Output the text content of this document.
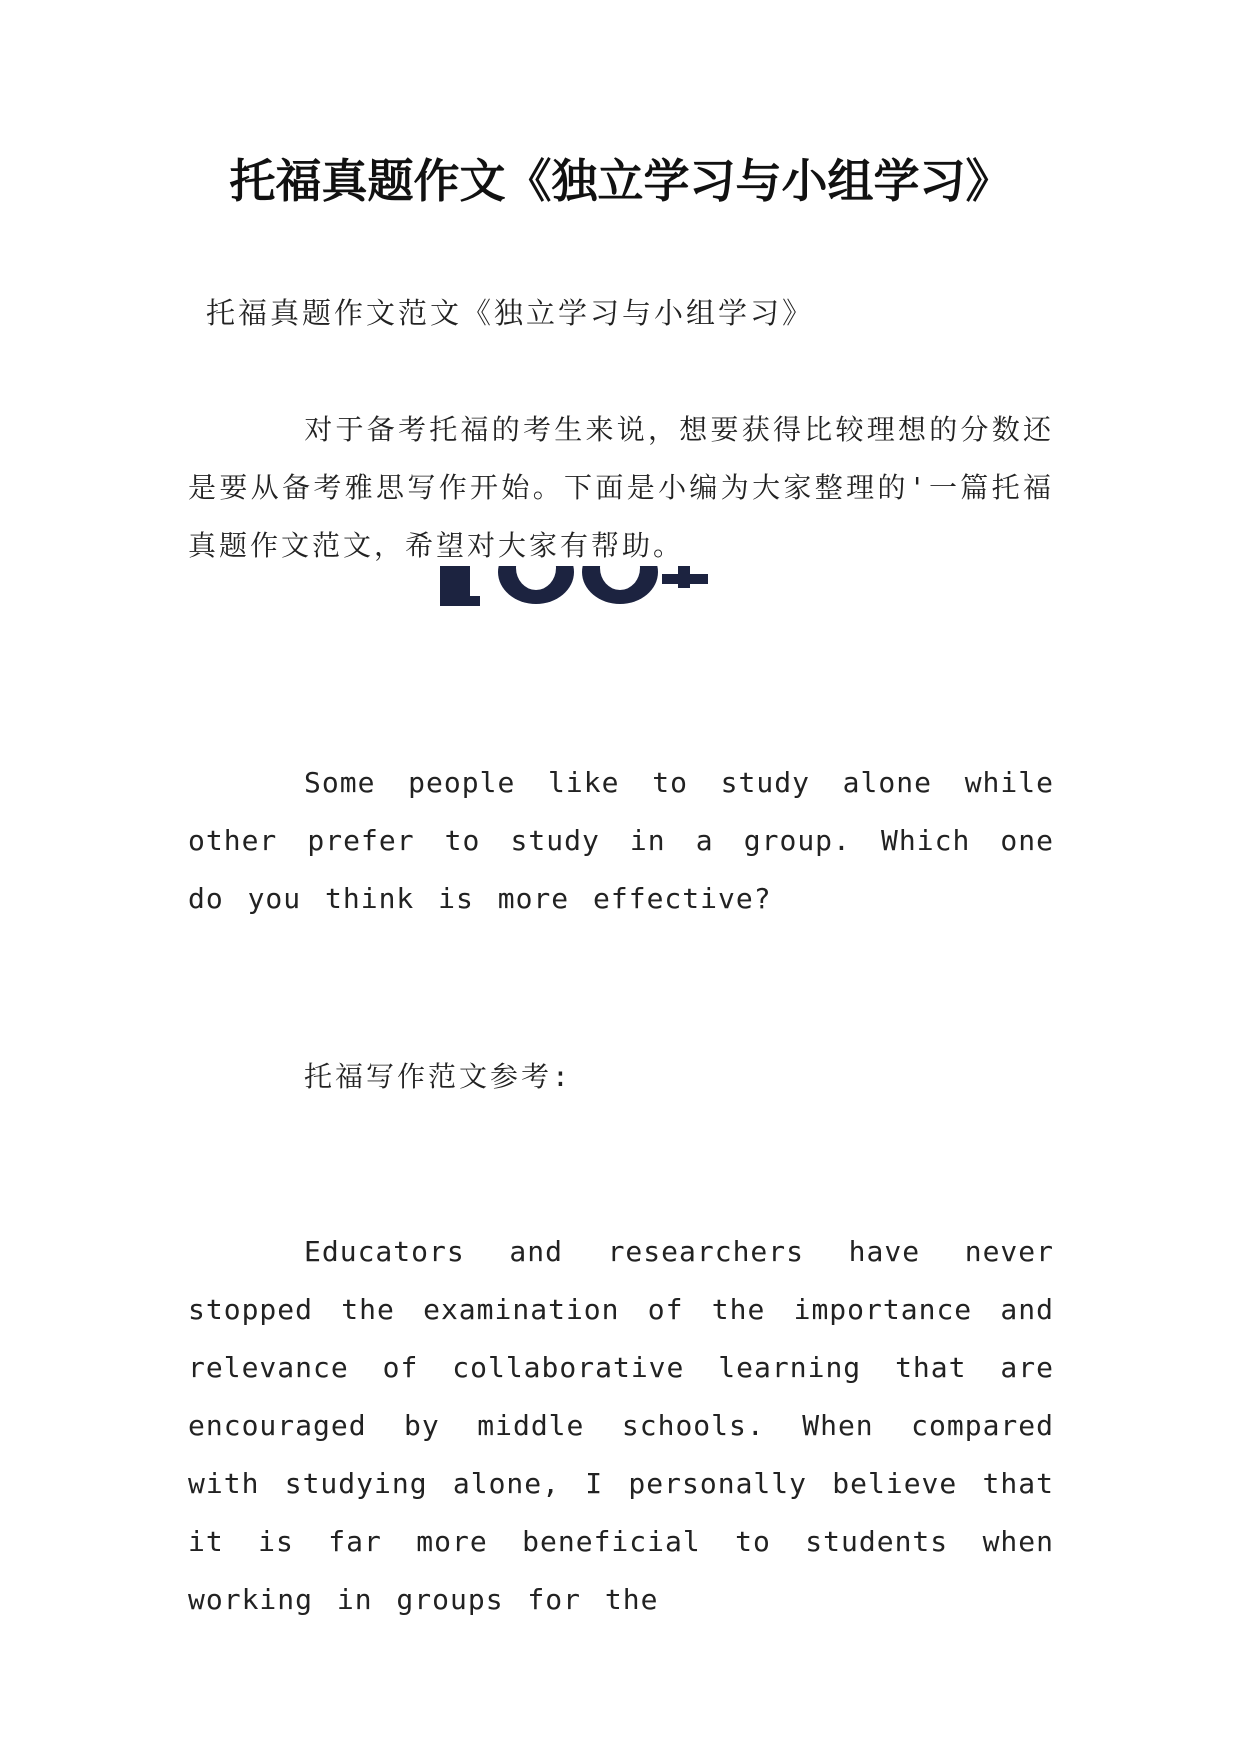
托福真题作文《独立学习与小组学习》
托福真题作文范文《独立学习与小组学习》

对于备考托福的考生来说，想要获得比较理想的分数还是要从备考雅思写作开始。下面是小编为大家整理的'一篇托福真题作文范文，希望对大家有帮助。

Some people like to study alone while other prefer to study in a group. Which one do you think is more effective?

托福写作范文参考:

Educators and researchers have never stopped the examination of the importance and relevance of collaborative learning that are encouraged by middle schools. When compared with studying alone, I personally believe that it is far more beneficial to students when working in groups for the
